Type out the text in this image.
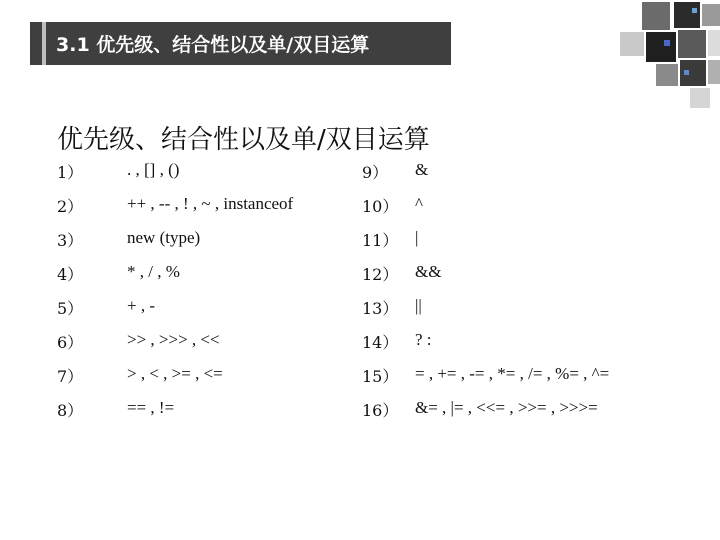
3.1 优先级、结合性以及单/双目运算
优先级、结合性以及单/双目运算
1）	. , [] , ()	9） &
2）	++ , -- , ! , ~ , instanceof	10） ^
3）	new (type)	11） |
4）	* , / , %	12） &&
5）	+ , -	13） ||
6）	>> , >>> , <<	14） ? :
7）	> , < , >= , <=	15） = , += , -= , *= , /= , %= , ^=
8）	== , !=	16） &= , |= , <<= , >>= , >>>=
